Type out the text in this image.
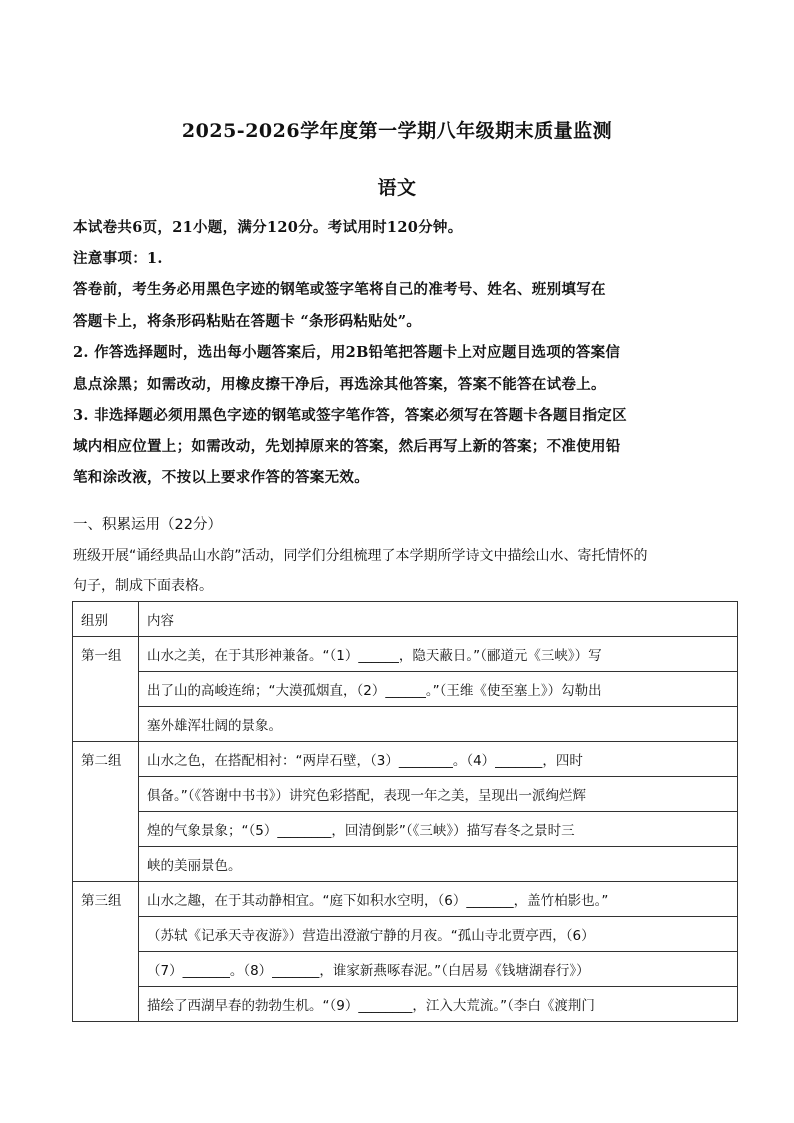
2025-2026学年度第一学期八年级期末质量监测
语文
本试卷共6页，21小题，满分120分。考试用时120分钟。
注意事项：1.
答卷前，考生务必用黑色字迹的钢笔或签字笔将自己的准考号、姓名、班别填写在
答题卡上，将条形码粘贴在答题卡 “条形码粘贴处”。
2. 作答选择题时，选出每小题答案后，用2B铅笔把答题卡上对应题目选项的答案信
息点涂黑；如需改动，用橡皮擦干净后，再选涂其他答案，答案不能答在试卷上。
3. 非选择题必须用黑色字迹的钢笔或签字笔作答，答案必须写在答题卡各题目指定区
域内相应位置上；如需改动，先划掉原来的答案，然后再写上新的答案；不准使用铅
笔和涂改液，不按以上要求作答的答案无效。
一、积累运用（22分）
班级开展“诵经典品山水韵”活动，同学们分组梳理了本学期所学诗文中描绘山水、寄托情怀的
句子，制成下面表格。
组别	内容
第一组	山水之美，在于其形神兼备。“（1）______，隐天蔽日。”（郦道元《三峡》）写
	出了山的高峻连绵；“大漠孤烟直，（2）______。”（王维《使至塞上》）勾勒出
	塞外雄浑壮阔的景象。
第二组	山水之色，在搭配相衬：“两岸石壁，（3）________。（4）_______，四时
	俱备。”（《答谢中书书》）讲究色彩搭配，表现一年之美，呈现出一派绚烂辉
	煌的气象景象；“（5）________，回清倒影”（《三峡》）描写春冬之景时三
	峡的美丽景色。
第三组	山水之趣，在于其动静相宜。“庭下如积水空明，（6）_______，盖竹柏影也。”
	（苏轼《记承天寺夜游》）营造出澄澈宁静的月夜。“孤山寺北贾亭西，（6）
	（7）_______。（8）_______，谁家新燕啄春泥。”（白居易《钱塘湖春行》）
	描绘了西湖早春的勃勃生机。“（9）________，江入大荒流。”（李白《渡荆门
